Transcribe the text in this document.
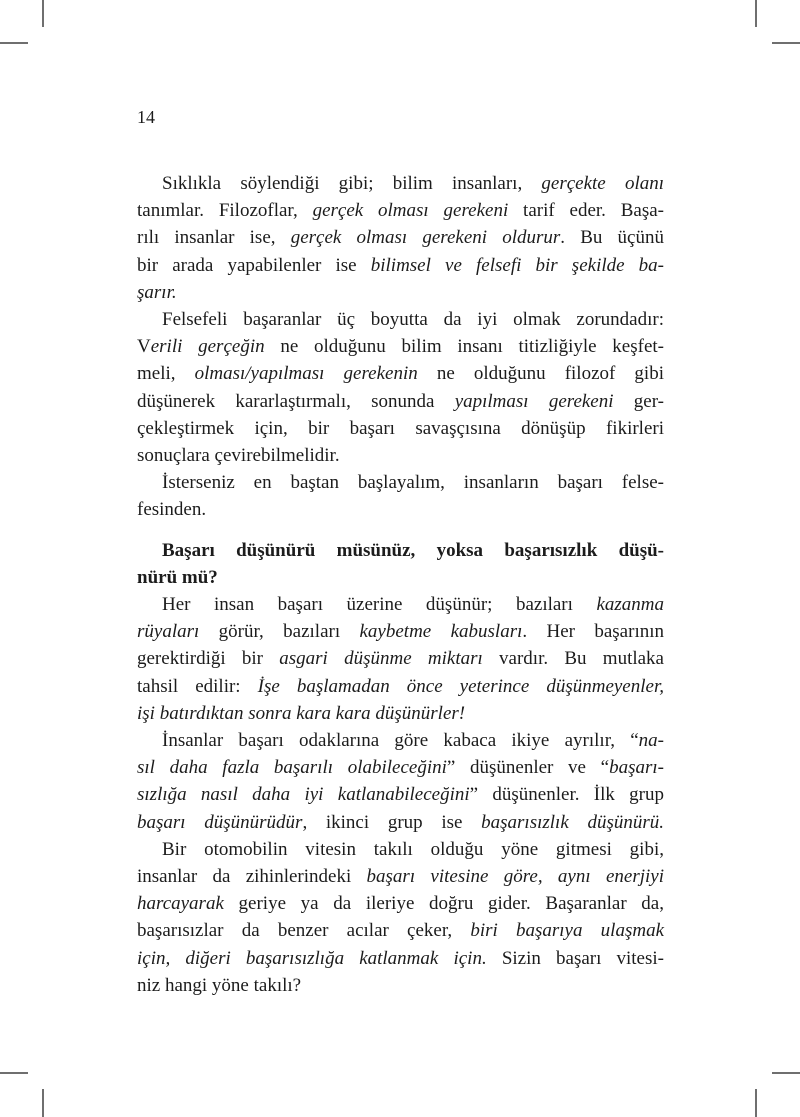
14
Sıklıkla söylendiği gibi; bilim insanları, gerçekte olanı
tanımlar. Filozoflar, gerçek olması gerekeni tarif eder. Başa-
rılı insanlar ise, gerçek olması gerekeni oldurur. Bu üçünü
bir arada yapabilenler ise bilimsel ve felsefi bir şekilde ba-
şarır.
Felsefeli başaranlar üç boyutta da iyi olmak zorundadır:
Verili gerçeğin ne olduğunu bilim insanı titizliğiyle keşfet-
meli, olması/yapılması gerekenin ne olduğunu filozof gibi
düşünerek kararlaştırmalı, sonunda yapılması gerekeni ger-
çekleştirmek için, bir başarı savaşçısına dönüşüp fikirleri
sonuçlara çevirebilmelidir.
İsterseniz en baştan başlayalım, insanların başarı felse-
fesinden.
Başarı düşünürü müsünüz, yoksa başarısızlık düşü-
nürü mü?
Her insan başarı üzerine düşünür; bazıları kazanma
rüyaları görür, bazıları kaybetme kabusları. Her başarının
gerektirdiği bir asgari düşünme miktarı vardır. Bu mutlaka
tahsil edilir: İşe başlamadan önce yeterince düşünmeyenler,
işi batırdıktan sonra kara kara düşünürler!
İnsanlar başarı odaklarına göre kabaca ikiye ayrılır, “na-
sıl daha fazla başarılı olabileceğini” düşünenler ve “başarı-
sızlığa nasıl daha iyi katlanabileceğini” düşünenler. İlk grup
başarı düşünürüdür, ikinci grup ise başarısızlık düşünürü.
Bir otomobilin vitesin takılı olduğu yöne gitmesi gibi,
insanlar da zihinlerindeki başarı vitesine göre, aynı enerjiyi
harcayarak geriye ya da ileriye doğru gider. Başaranlar da,
başarısızlar da benzer acılar çeker, biri başarıya ulaşmak
için, diğeri başarısızlığa katlanmak için. Sizin başarı vitesi-
niz hangi yöne takılı?
